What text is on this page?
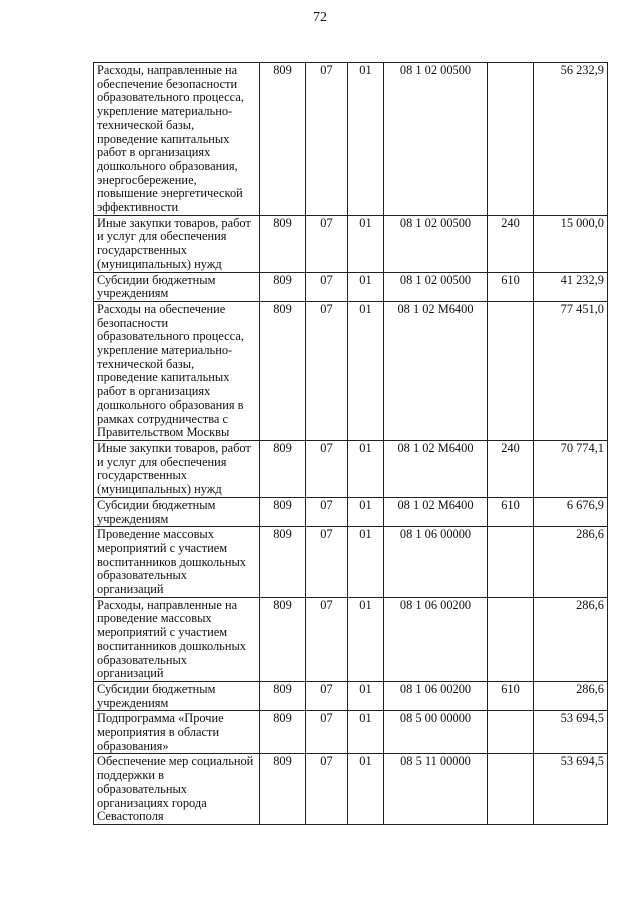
72
Расходы, направленные на обеспечение безопасности образовательного процесса, укрепление материально-технической базы, проведение капитальных работ в организациях дошкольного образования, энергосбережение, повышение энергетической эффективности	809	07	01	08 1 02 00500		56 232,9
Иные закупки товаров, работ и услуг для обеспечения государственных (муниципальных) нужд	809	07	01	08 1 02 00500	240	15 000,0
Субсидии бюджетным учреждениям	809	07	01	08 1 02 00500	610	41 232,9
Расходы на обеспечение безопасности образовательного процесса, укрепление материально-технической базы, проведение капитальных работ в организациях дошкольного образования в рамках сотрудничества с Правительством Москвы	809	07	01	08 1 02 М6400		77 451,0
Иные закупки товаров, работ и услуг для обеспечения государственных (муниципальных) нужд	809	07	01	08 1 02 М6400	240	70 774,1
Субсидии бюджетным учреждениям	809	07	01	08 1 02 М6400	610	6 676,9
Проведение массовых мероприятий с участием воспитанников дошкольных образовательных организаций	809	07	01	08 1 06 00000		286,6
Расходы, направленные на проведение массовых мероприятий с участием воспитанников дошкольных образовательных организаций	809	07	01	08 1 06 00200		286,6
Субсидии бюджетным учреждениям	809	07	01	08 1 06 00200	610	286,6
Подпрограмма «Прочие мероприятия в области образования»	809	07	01	08 5 00 00000		53 694,5
Обеспечение мер социальной поддержки в образовательных организациях города Севастополя	809	07	01	08 5 11 00000		53 694,5
